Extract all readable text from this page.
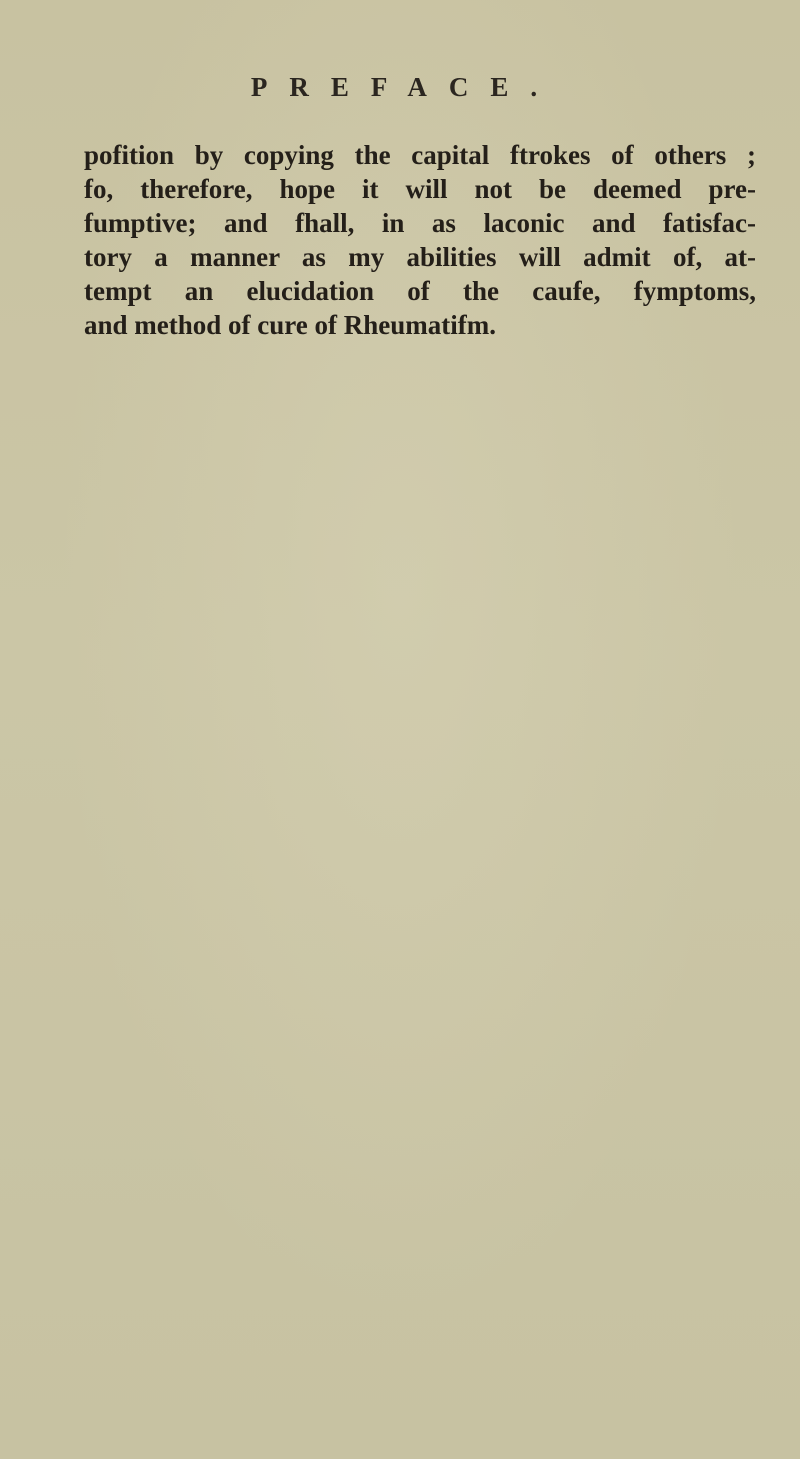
PREFACE.
pofition by copying the capital ftrokes of others ;
fo, therefore, hope it will not be deemed pre-
fumptive; and fhall, in as laconic and fatisfac-
tory a manner as my abilities will admit of, at-
tempt an elucidation of the caufe, fymptoms,
and method of cure of Rheumatifm.
